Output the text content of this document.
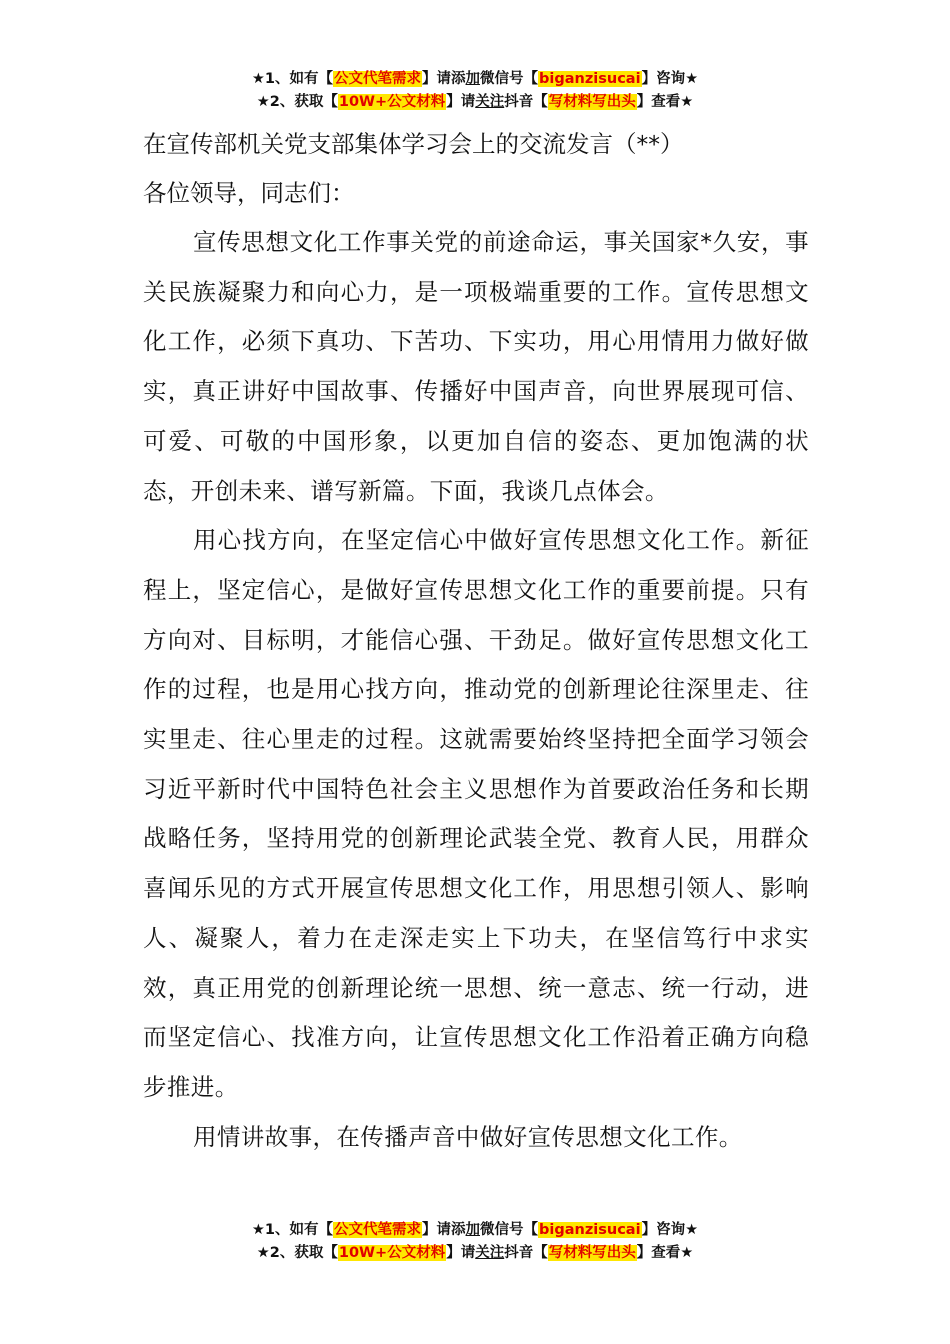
★1、如有【公文代笔需求】请添加微信号【biganzisucai】咨询★
★2、获取【10W+公文材料】请关注抖音【写材料写出头】查看★
在宣传部机关党支部集体学习会上的交流发言（**）

各位领导，同志们：

宣传思想文化工作事关党的前途命运，事关国家*久安，事关民族凝聚力和向心力，是一项极端重要的工作。宣传思想文化工作，必须下真功、下苦功、下实功，用心用情用力做好做实，真正讲好中国故事、传播好中国声音，向世界展现可信、可爱、可敬的中国形象，以更加自信的姿态、更加饱满的状态，开创未来、谱写新篇。下面，我谈几点体会。

用心找方向，在坚定信心中做好宣传思想文化工作。新征程上，坚定信心，是做好宣传思想文化工作的重要前提。只有方向对、目标明，才能信心强、干劲足。做好宣传思想文化工作的过程，也是用心找方向，推动党的创新理论往深里走、往实里走、往心里走的过程。这就需要始终坚持把全面学习领会习近平新时代中国特色社会主义思想作为首要政治任务和长期战略任务，坚持用党的创新理论武装全党、教育人民，用群众喜闻乐见的方式开展宣传思想文化工作，用思想引领人、影响人、凝聚人，着力在走深走实上下功夫，在坚信笃行中求实效，真正用党的创新理论统一思想、统一意志、统一行动，进而坚定信心、找准方向，让宣传思想文化工作沿着正确方向稳步推进。

用情讲故事，在传播声音中做好宣传思想文化工作。

★1、如有【公文代笔需求】请添加微信号【biganzisucai】咨询★
★2、获取【10W+公文材料】请关注抖音【写材料写出头】查看★
